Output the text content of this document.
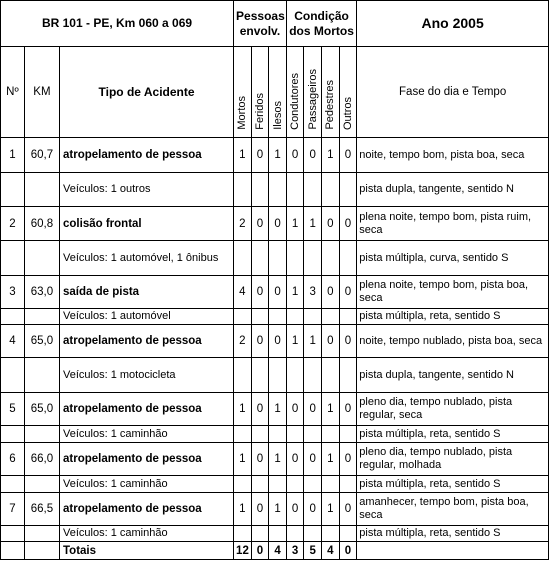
BR 101 - PE, Km 060 a 069			Pessoas envolv.			Condição dos Mortos				Ano 2005
Nº	KM	Tipo de Acidente	Mortos	Feridos	Ilesos	Condutores	Passageiros	Pedestres	Outros	Fase do dia e Tempo
1	60,7	atropelamento de pessoa	1	0	1	0	0	1	0	noite, tempo bom, pista boa, seca
		Veículos: 1 outros								pista dupla, tangente, sentido N
2	60,8	colisão frontal	2	0	0	1	1	0	0	plena noite, tempo bom, pista ruim, seca
		Veículos: 1 automóvel, 1 ônibus								pista múltipla, curva, sentido S
3	63,0	saída de pista	4	0	0	1	3	0	0	plena noite, tempo bom, pista boa, seca
		Veículos: 1 automóvel								pista múltipla, reta, sentido S
4	65,0	atropelamento de pessoa	2	0	0	1	1	0	0	noite, tempo nublado, pista boa, seca
		Veículos: 1 motocicleta								pista dupla, tangente, sentido N
5	65,0	atropelamento de pessoa	1	0	1	0	0	1	0	pleno dia, tempo nublado, pista regular, seca
		Veículos: 1 caminhão								pista múltipla, reta, sentido S
6	66,0	atropelamento de pessoa	1	0	1	0	0	1	0	pleno dia, tempo nublado, pista regular, molhada
		Veículos: 1 caminhão								pista múltipla, reta, sentido S
7	66,5	atropelamento de pessoa	1	0	1	0	0	1	0	amanhecer, tempo bom, pista boa, seca
		Veículos: 1 caminhão								pista múltipla, reta, sentido S
		Totais	12	0	4	3	5	4	0	
